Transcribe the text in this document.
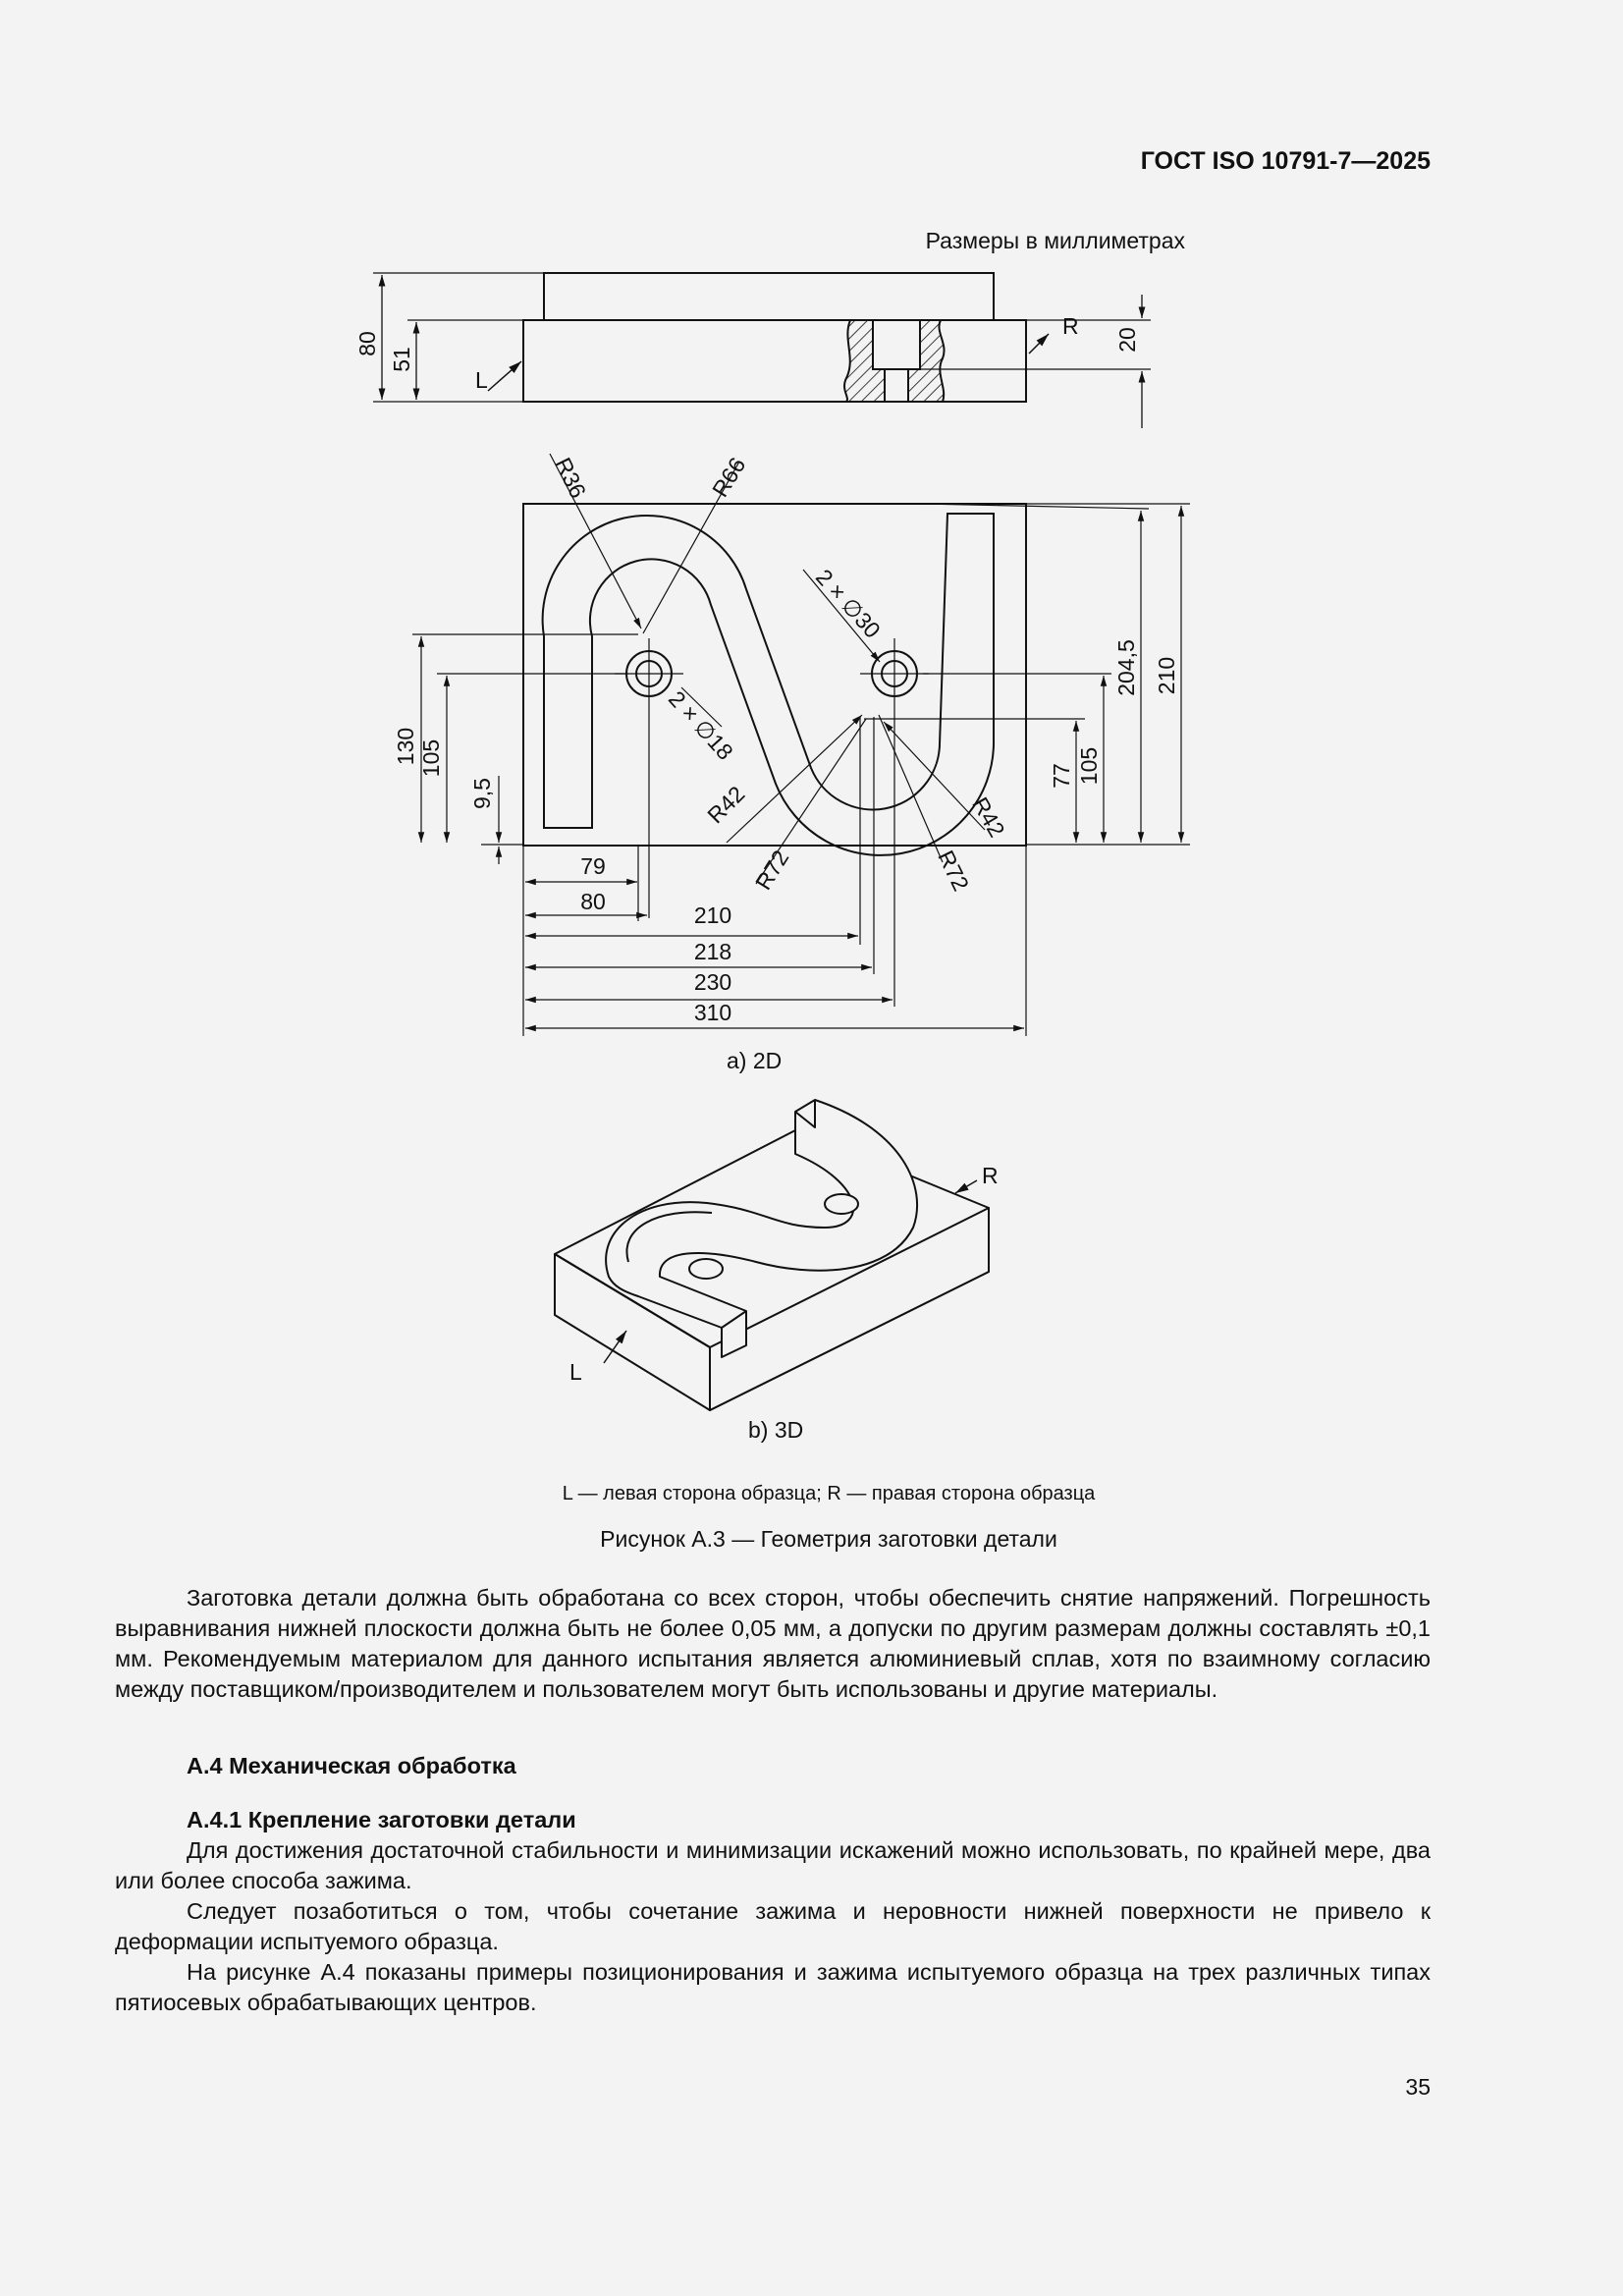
ГОСТ ISO 10791-7—2025
Размеры в миллиметрах
80
51
20
L
R
R36	R66
2 × ∅30
2 × ∅18
R42	R42
R72	R72
130 105
9,5
210
204,5
105
77
79
80
210
218
230
310
L
R
a) 2D
b) 3D
L — левая сторона образца; R — правая сторона образца
Рисунок А.3 — Геометрия заготовки детали

Заготовка детали должна быть обработана со всех сторон, чтобы обеспечить снятие напряжений. Погрешность выравнивания нижней плоскости должна быть не более 0,05 мм, а допуски по другим размерам должны составлять ±0,1 мм. Рекомендуемым материалом для данного испытания является алюминиевый сплав, хотя по взаимному согласию между поставщиком/производителем и пользователем могут быть использованы и другие материалы.

А.4 Механическая обработка
А.4.1 Крепление заготовки детали

Для достижения достаточной стабильности и минимизации искажений можно использовать, по крайней мере, два или более способа зажима.

Следует позаботиться о том, чтобы сочетание зажима и неровности нижней поверхности не привело к деформации испытуемого образца.

На рисунке А.4 показаны примеры позиционирования и зажима испытуемого образца на трех различных типах пятиосевых обрабатывающих центров.

35
